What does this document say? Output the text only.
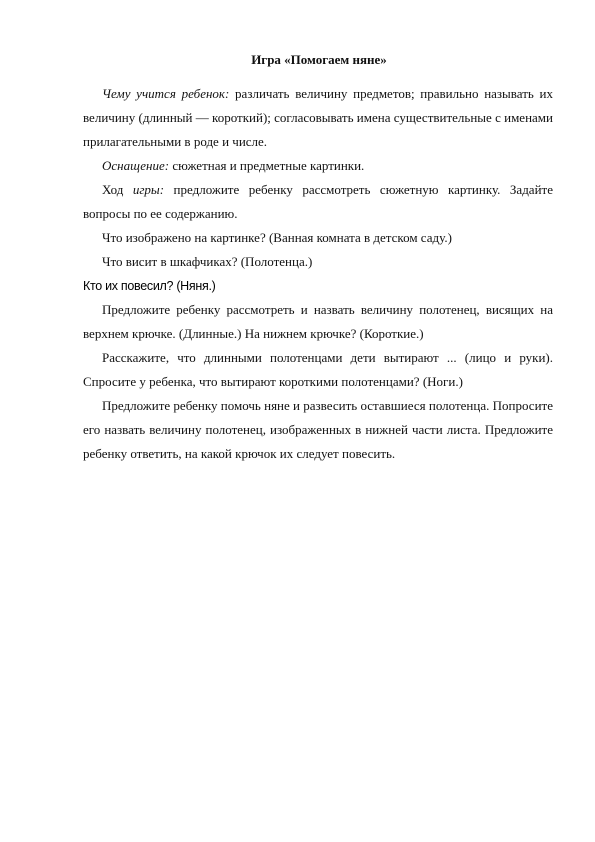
Игра «Помогаем няне»

Чему учится ребенок: различать величину предметов; правильно называть их величину (длинный — короткий); согласовывать имена существительные с именами прилагательными в роде и числе.

Оснащение: сюжетная и предметные картинки.

Ход игры: предложите ребенку рассмотреть сюжетную картинку. Задайте вопросы по ее содержанию.

Что изображено на картинке? (Ванная комната в детском саду.)

Что висит в шкафчиках? (Полотенца.)

Кто их повесил? (Няня.)

Предложите ребенку рассмотреть и назвать величину полотенец, висящих на верхнем крючке. (Длинные.) На нижнем крючке? (Короткие.)

Расскажите, что длинными полотенцами дети вытирают ... (лицо и руки). Спросите у ребенка, что вытирают короткими полотенцами? (Ноги.)

Предложите ребенку помочь няне и развесить оставшиеся полотенца. Попросите его назвать величину полотенец, изображенных в нижней части листа. Предложите ребенку ответить, на какой крючок их следует повесить.
